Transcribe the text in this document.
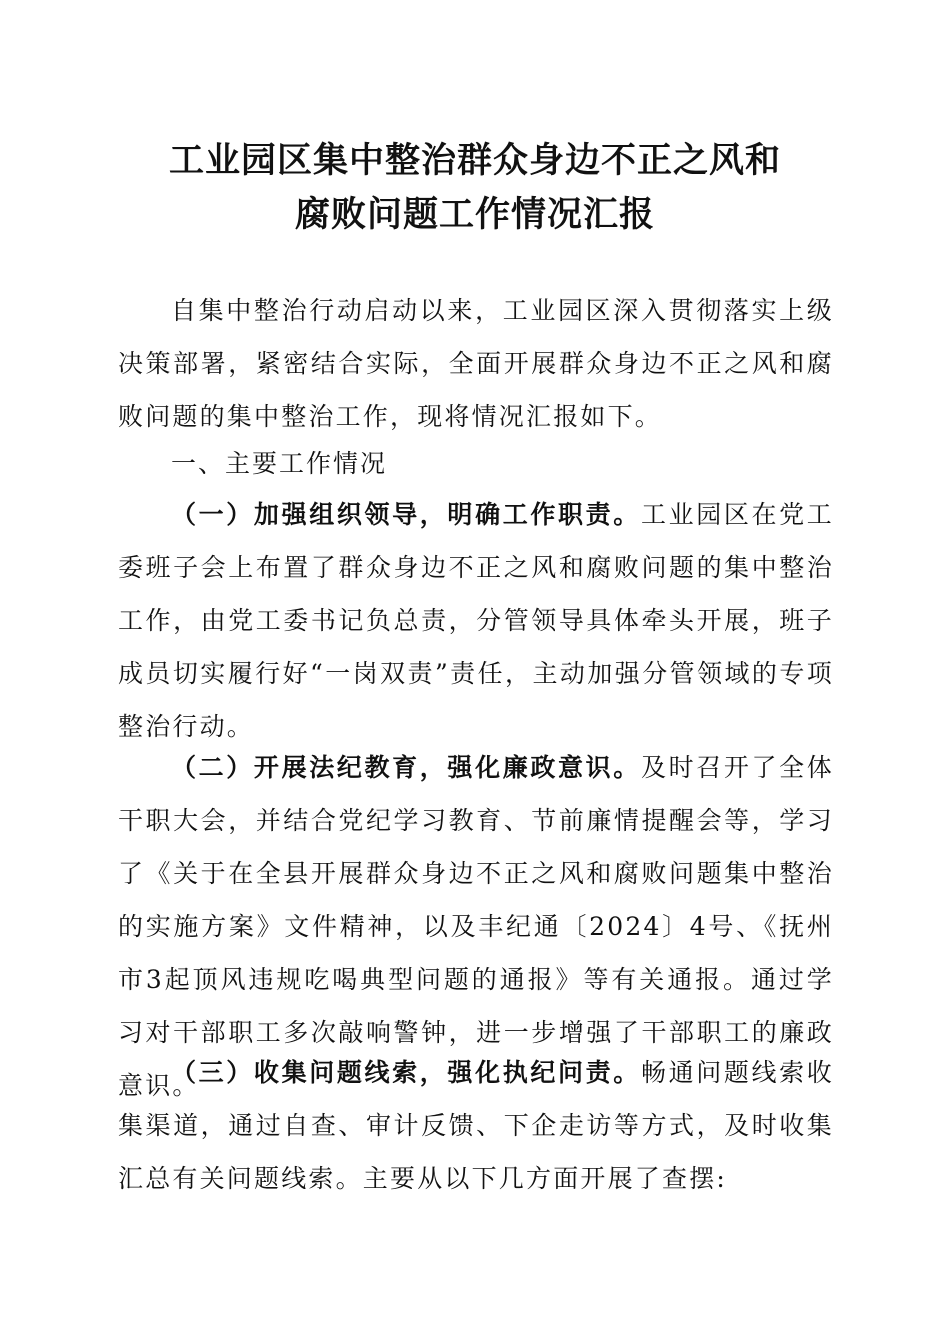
工业园区集中整治群众身边不正之风和
腐败问题工作情况汇报

自集中整治行动启动以来，工业园区深入贯彻落实上级决策部署，紧密结合实际，全面开展群众身边不正之风和腐败问题的集中整治工作，现将情况汇报如下。

一、主要工作情况

（一）加强组织领导，明确工作职责。工业园区在党工委班子会上布置了群众身边不正之风和腐败问题的集中整治工作，由党工委书记负总责，分管领导具体牵头开展，班子成员切实履行好“一岗双责”责任，主动加强分管领域的专项整治行动。

（二）开展法纪教育，强化廉政意识。及时召开了全体干职大会，并结合党纪学习教育、节前廉情提醒会等，学习了《关于在全县开展群众身边不正之风和腐败问题集中整治的实施方案》文件精神，以及丰纪通〔2024〕4号、《抚州市3起顶风违规吃喝典型问题的通报》等有关通报。通过学习对干部职工多次敲响警钟，进一步增强了干部职工的廉政意识。

（三）收集问题线索，强化执纪问责。畅通问题线索收集渠道，通过自查、审计反馈、下企走访等方式，及时收集汇总有关问题线索。主要从以下几方面开展了查摆:
